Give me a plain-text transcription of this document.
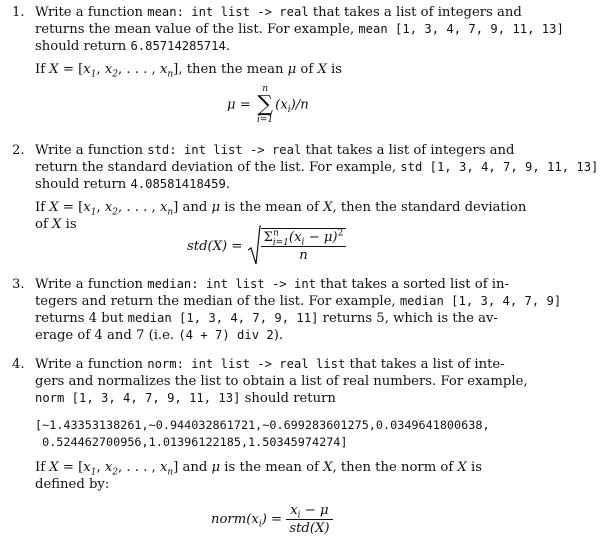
1. Write a function mean: int list -> real that takes a list of integers and
returns the mean value of the list. For example, mean [1, 3, 4, 7, 9, 11, 13]
should return 6.85714285714.
If $X = [x_1$, $x_2$, . . . , $x_n$], then the mean μ of X is
μ =
n
∑
i=1
$(x_i)/n$
2. Write a function std: int list -> real that takes a list of integers and
return the standard deviation of the list. For example, std [1, 3, 4, 7, 9, 11, 13]
should return 4.08581418459.
If $X = [x_1$, $x_2$, . . . , $x_n$] and μ is the mean of X, then the standard deviation
of X is
std(X) =
$\Sigma^n_{i=1}(x_i - \mu)^2$
n
3. Write a function median: int list -> int that takes a sorted list of in-
tegers and return the median of the list. For example, median [1, 3, 4, 7, 9]
returns 4 but median [1, 3, 4, 7, 9, 11] returns 5, which is the av-
erage of 4 and 7 (i.e. (4 + 7) div 2).
4. Write a function norm: int list -> real list that takes a list of inte-
gers and normalizes the list to obtain a list of real numbers. For example,
norm [1, 3, 4, 7, 9, 11, 13] should return
[~1.43353138261,~0.944032861721,~0.699283601275,0.0349641800638,
0.524462700956,1.01396122185,1.50345974274]
If $X = [x_1$, $x_2$, . . . , $x_n$] and μ is the mean of X, then the norm of X is
defined by:
$norm(x_i) = \frac{x_i - \mu}{\text{std(X)}}$
